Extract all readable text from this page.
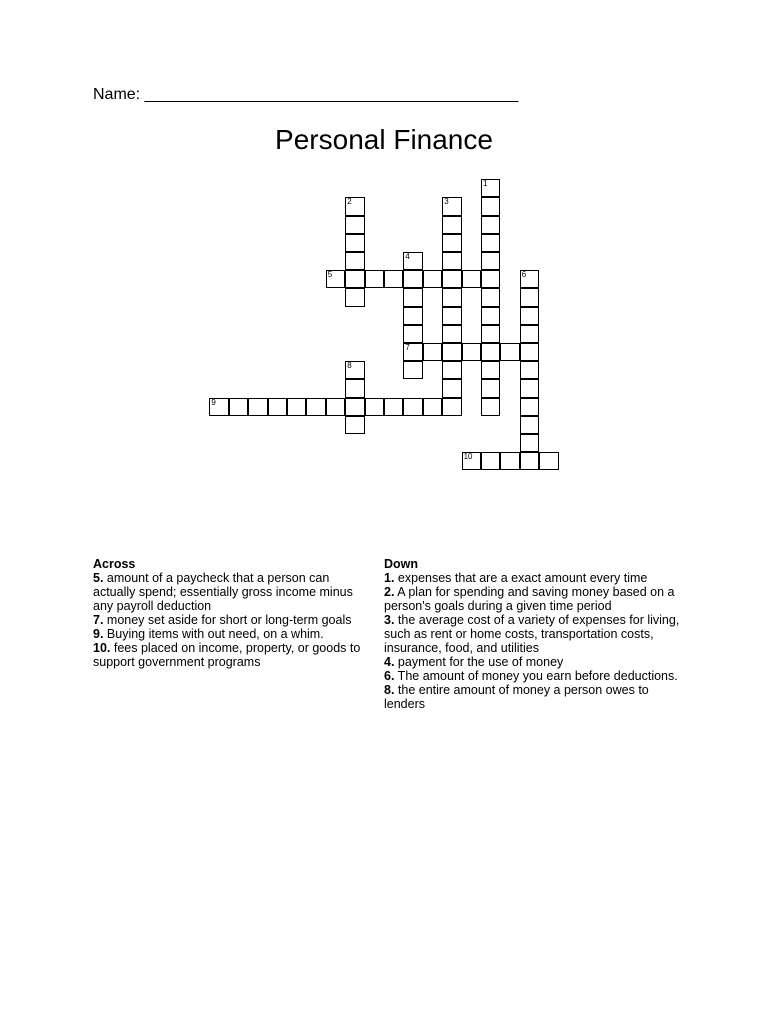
Name: __________________________________________
Personal Finance
1
2	3
4
7
5	6
8
9
10
Across
5. amount of a paycheck that a person can actually spend; essentially gross income minus any payroll deduction
7. money set aside for short or long-term goals
9. Buying items with out need, on a whim.
10. fees placed on income, property, or goods to support government programs
Down
1. expenses that are a exact amount every time
2. A plan for spending and saving money based on a person's goals during a given time period
3. the average cost of a variety of expenses for living, such as rent or home costs, transportation costs, insurance, food, and utilities
4. payment for the use of money
6. The amount of money you earn before deductions.
8. the entire amount of money a person owes to lenders
